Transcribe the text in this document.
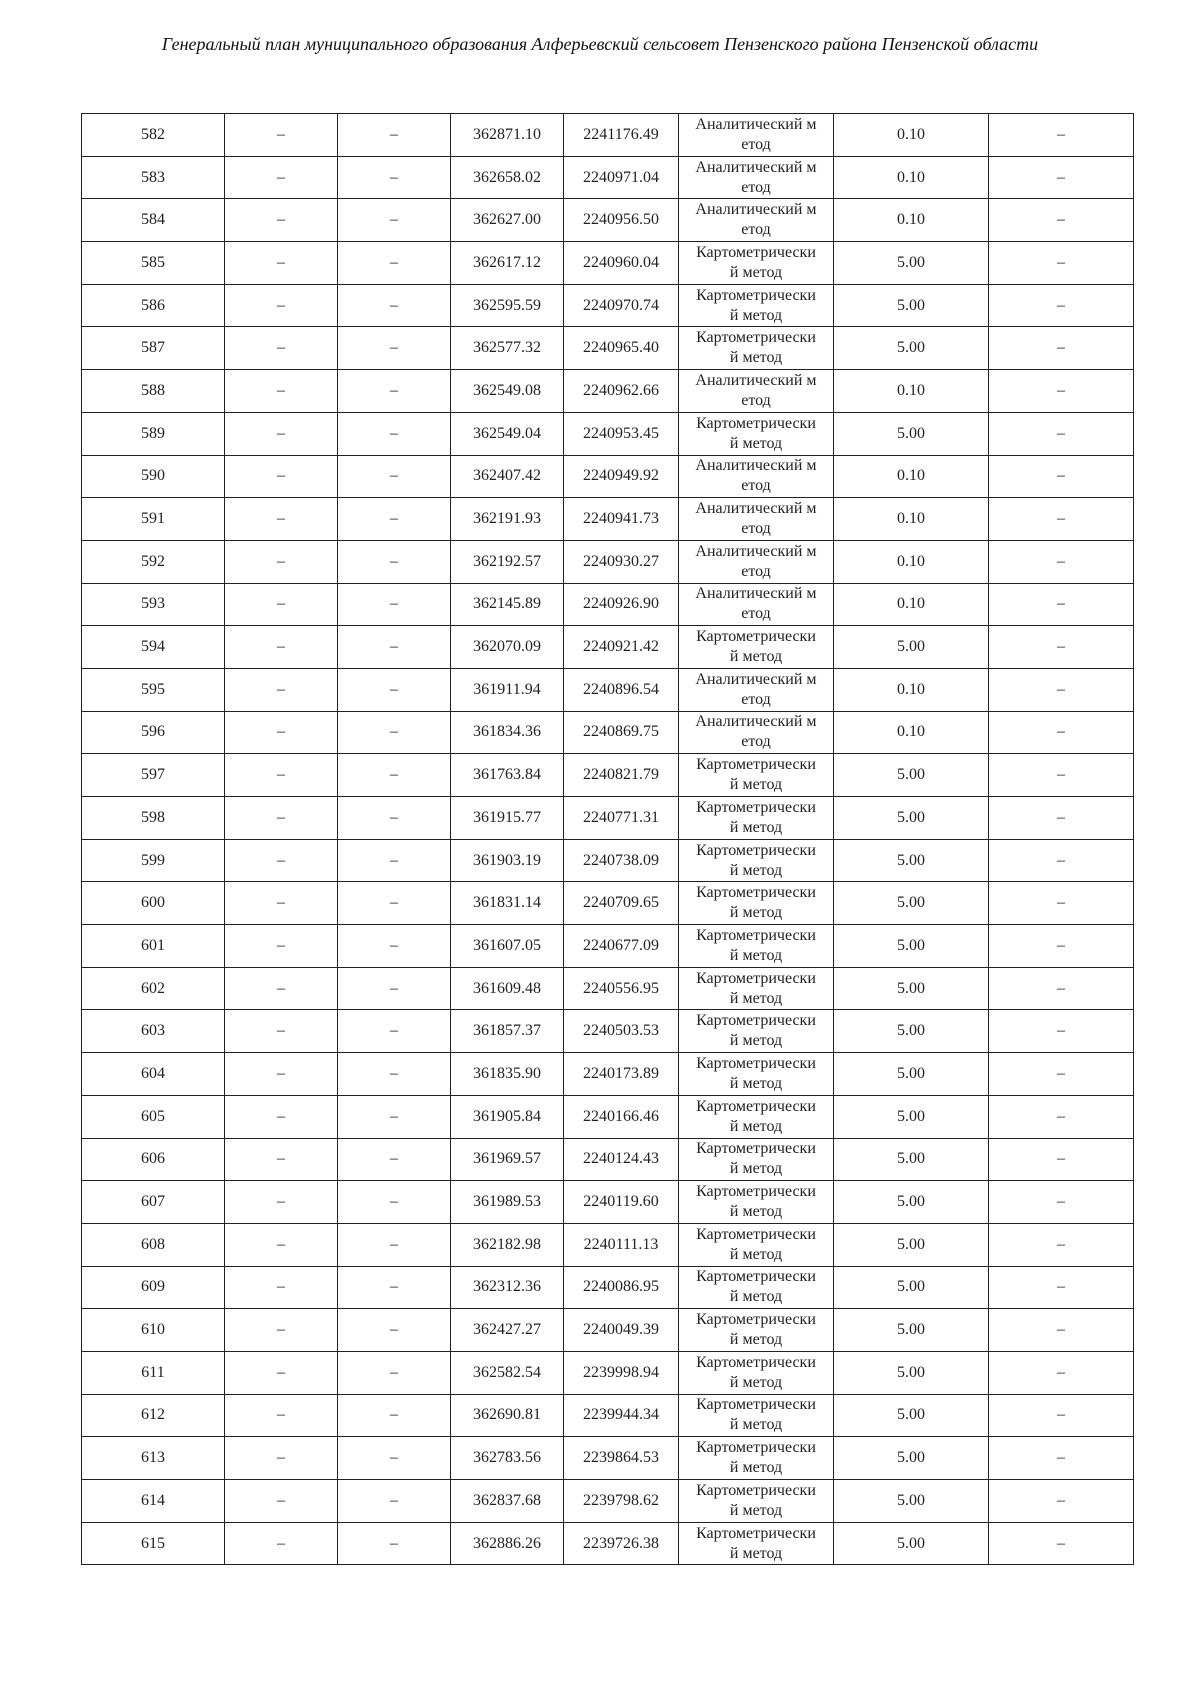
Генеральный план муниципального образования Алферьевский сельсовет Пензенского района Пензенской области
582	–	–	362871.10	2241176.49	Аналитический метод	0.10	–
583	–	–	362658.02	2240971.04	Аналитический метод	0.10	–
584	–	–	362627.00	2240956.50	Аналитический метод	0.10	–
585	–	–	362617.12	2240960.04	Картометрический метод	5.00	–
586	–	–	362595.59	2240970.74	Картометрический метод	5.00	–
587	–	–	362577.32	2240965.40	Картометрический метод	5.00	–
588	–	–	362549.08	2240962.66	Аналитический метод	0.10	–
589	–	–	362549.04	2240953.45	Картометрический метод	5.00	–
590	–	–	362407.42	2240949.92	Аналитический метод	0.10	–
591	–	–	362191.93	2240941.73	Аналитический метод	0.10	–
592	–	–	362192.57	2240930.27	Аналитический метод	0.10	–
593	–	–	362145.89	2240926.90	Аналитический метод	0.10	–
594	–	–	362070.09	2240921.42	Картометрический метод	5.00	–
595	–	–	361911.94	2240896.54	Аналитический метод	0.10	–
596	–	–	361834.36	2240869.75	Аналитический метод	0.10	–
597	–	–	361763.84	2240821.79	Картометрический метод	5.00	–
598	–	–	361915.77	2240771.31	Картометрический метод	5.00	–
599	–	–	361903.19	2240738.09	Картометрический метод	5.00	–
600	–	–	361831.14	2240709.65	Картометрический метод	5.00	–
601	–	–	361607.05	2240677.09	Картометрический метод	5.00	–
602	–	–	361609.48	2240556.95	Картометрический метод	5.00	–
603	–	–	361857.37	2240503.53	Картометрический метод	5.00	–
604	–	–	361835.90	2240173.89	Картометрический метод	5.00	–
605	–	–	361905.84	2240166.46	Картометрический метод	5.00	–
606	–	–	361969.57	2240124.43	Картометрический метод	5.00	–
607	–	–	361989.53	2240119.60	Картометрический метод	5.00	–
608	–	–	362182.98	2240111.13	Картометрический метод	5.00	–
609	–	–	362312.36	2240086.95	Картометрический метод	5.00	–
610	–	–	362427.27	2240049.39	Картометрический метод	5.00	–
611	–	–	362582.54	2239998.94	Картометрический метод	5.00	–
612	–	–	362690.81	2239944.34	Картометрический метод	5.00	–
613	–	–	362783.56	2239864.53	Картометрический метод	5.00	–
614	–	–	362837.68	2239798.62	Картометрический метод	5.00	–
615	–	–	362886.26	2239726.38	Картометрический метод	5.00	–
